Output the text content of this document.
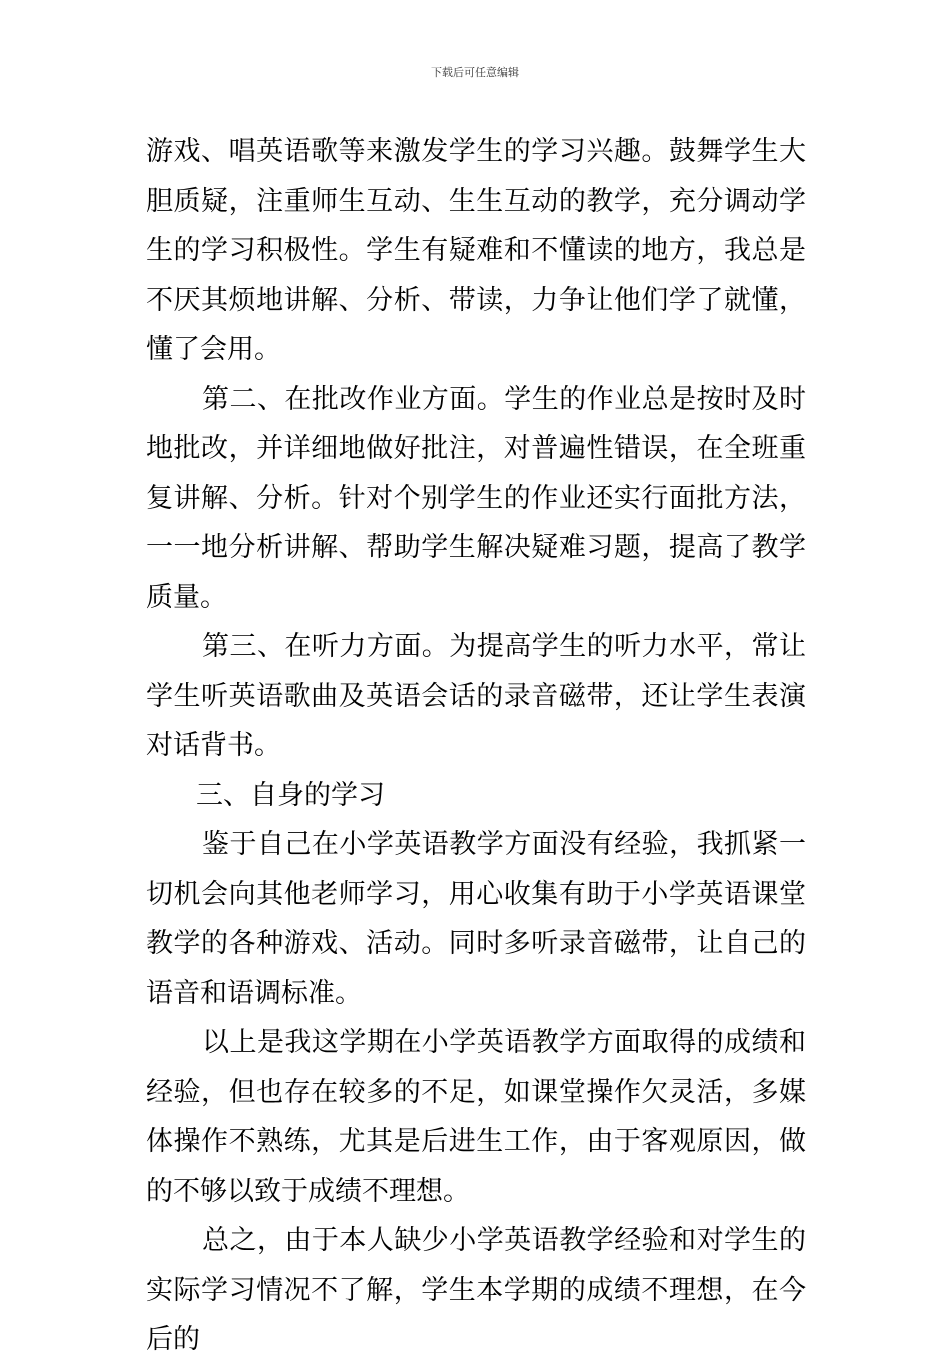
下载后可任意编辑

游戏、唱英语歌等来激发学生的学习兴趣。鼓舞学生大胆质疑，注重师生互动、生生互动的教学，充分调动学生的学习积极性。学生有疑难和不懂读的地方，我总是不厌其烦地讲解、分析、带读，力争让他们学了就懂，懂了会用。

第二、在批改作业方面。学生的作业总是按时及时地批改，并详细地做好批注，对普遍性错误，在全班重复讲解、分析。针对个别学生的作业还实行面批方法，一一地分析讲解、帮助学生解决疑难习题，提高了教学质量。

第三、在听力方面。为提高学生的听力水平，常让学生听英语歌曲及英语会话的录音磁带，还让学生表演对话背书。

三、自身的学习

鉴于自己在小学英语教学方面没有经验，我抓紧一切机会向其他老师学习，用心收集有助于小学英语课堂教学的各种游戏、活动。同时多听录音磁带，让自己的语音和语调标准。

以上是我这学期在小学英语教学方面取得的成绩和经验，但也存在较多的不足，如课堂操作欠灵活，多媒体操作不熟练，尤其是后进生工作，由于客观原因，做的不够以致于成绩不理想。

总之，由于本人缺少小学英语教学经验和对学生的实际学习情况不了解，学生本学期的成绩不理想，在今后的
